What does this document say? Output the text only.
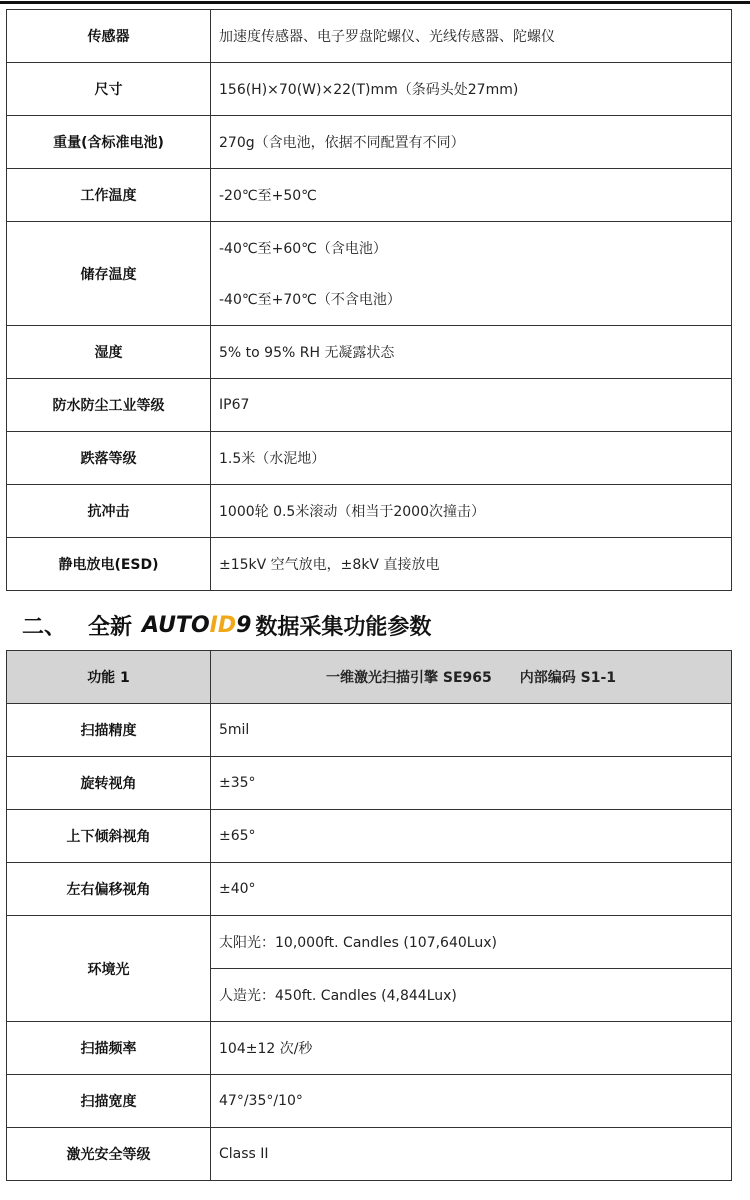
传感器	加速度传感器、电子罗盘陀螺仪、光线传感器、陀螺仪
尺寸	156(H)×70(W)×22(T)mm（条码头处27mm)
重量(含标准电池)	270g（含电池，依据不同配置有不同）
工作温度	-20℃至+50℃
储存温度	-40℃至+60℃（含电池）
-40℃至+70℃（不含电池）

湿度	5% to 95% RH 无凝露状态
防水防尘工业等级	IP67
跌落等级	1.5米（水泥地）
抗冲击	1000轮 0.5米滚动（相当于2000次撞击）
静电放电(ESD)	±15kV 空气放电，±8kV 直接放电
二、 全新 AUTOID9 数据采集功能参数
功能 1	一维激光扫描引擎 SE965　　内部编码 S1-1
扫描精度	5mil
旋转视角	±35°
上下倾斜视角	±65°
左右偏移视角	±40°
环境光	太阳光：10,000ft. Candles (107,640Lux)
	人造光：450ft. Candles (4,844Lux)
扫描频率	104±12 次/秒
扫描宽度	47°/35°/10°
激光安全等级	Class II
